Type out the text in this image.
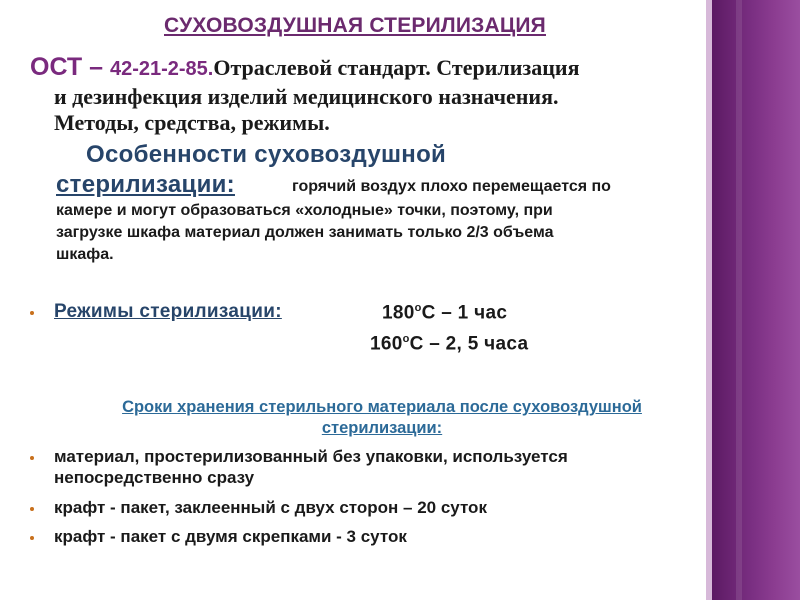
СУХОВОЗДУШНАЯ СТЕРИЛИЗАЦИЯ
ОСТ – 42-21-2-85.Отраслевой стандарт. Стерилизация
и дезинфекция изделий медицинского назначения.
Методы, средства, режимы.
Особенности суховоздушной
стерилизации:	горячий воздух плохо перемещается по
камере и могут образоваться «холодные» точки, поэтому, при
загрузке шкафа материал должен занимать только 2/3 объема
шкафа.
Режимы стерилизации:	$180^оС - 1$ час
$160^оС - 2$, 5 часа
Сроки хранения стерильного материала после суховоздушной стерилизации:
материал, простерилизованный без упаковки, используется
непосредственно сразу
крафт - пакет, заклеенный с двух сторон – 20 суток
крафт - пакет с двумя скрепками - 3 суток
